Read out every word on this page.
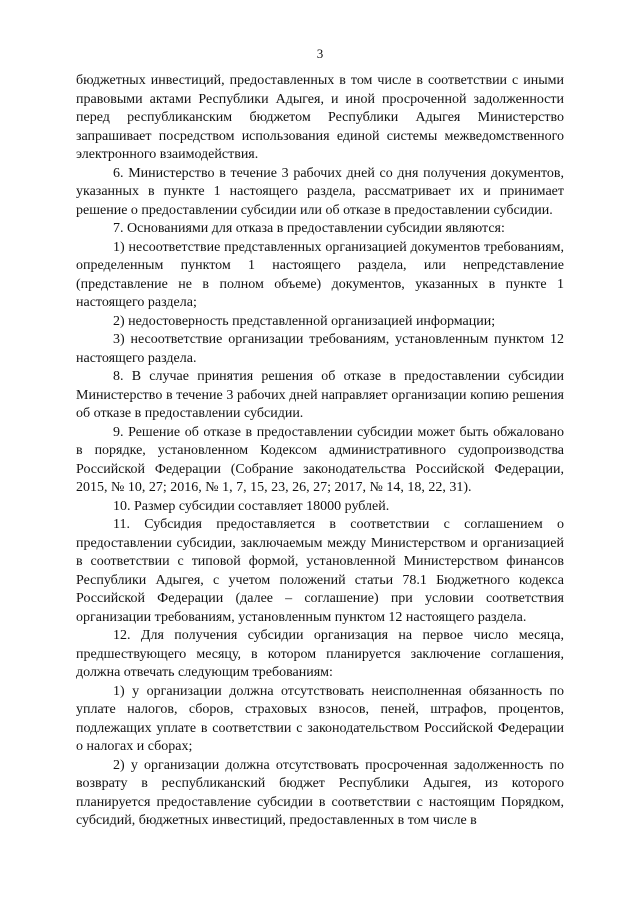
3

бюджетных инвестиций, предоставленных в том числе в соответствии с иными правовыми актами Республики Адыгея, и иной просроченной задолженности перед республиканским бюджетом Республики Адыгея Министерство запрашивает посредством использования единой системы межведомственного электронного взаимодействия.

6. Министерство в течение 3 рабочих дней со дня получения документов, указанных в пункте 1 настоящего раздела, рассматривает их и принимает решение о предоставлении субсидии или об отказе в предоставлении субсидии.

7. Основаниями для отказа в предоставлении субсидии являются:

1) несоответствие представленных организацией документов требованиям, определенным пунктом 1 настоящего раздела, или непредставление (представление не в полном объеме) документов, указанных в пункте 1 настоящего раздела;

2) недостоверность представленной организацией информации;

3) несоответствие организации требованиям, установленным пунктом 12 настоящего раздела.

8. В случае принятия решения об отказе в предоставлении субсидии Министерство в течение 3 рабочих дней направляет организации копию решения об отказе в предоставлении субсидии.

9. Решение об отказе в предоставлении субсидии может быть обжаловано в порядке, установленном Кодексом административного судопроизводства Российской Федерации (Собрание законодательства Российской Федерации, 2015, № 10, 27; 2016, № 1, 7, 15, 23, 26, 27; 2017, № 14, 18, 22, 31).

10. Размер субсидии составляет 18000 рублей.

11. Субсидия предоставляется в соответствии с соглашением о предоставлении субсидии, заключаемым между Министерством и организацией в соответствии с типовой формой, установленной Министерством финансов Республики Адыгея, с учетом положений статьи 78.1 Бюджетного кодекса Российской Федерации (далее – соглашение) при условии соответствия организации требованиям, установленным пунктом 12 настоящего раздела.

12. Для получения субсидии организация на первое число месяца, предшествующего месяцу, в котором планируется заключение соглашения, должна отвечать следующим требованиям:

1) у организации должна отсутствовать неисполненная обязанность по уплате налогов, сборов, страховых взносов, пеней, штрафов, процентов, подлежащих уплате в соответствии с законодательством Российской Федерации о налогах и сборах;

2) у организации должна отсутствовать просроченная задолженность по возврату в республиканский бюджет Республики Адыгея, из которого планируется предоставление субсидии в соответствии с настоящим Порядком, субсидий, бюджетных инвестиций, предоставленных в том числе в
